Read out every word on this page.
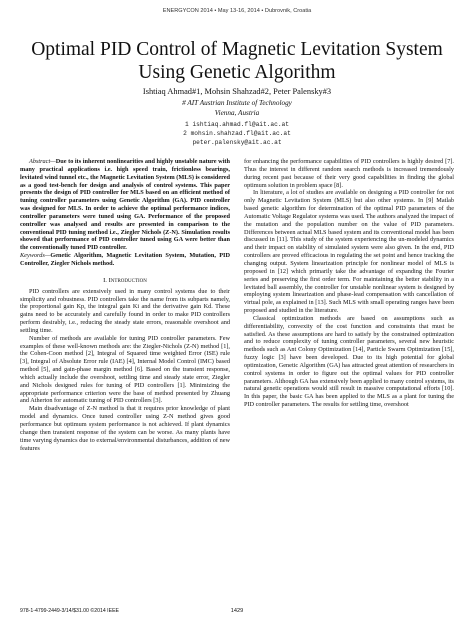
ENERGYCON 2014 • May 13-16, 2014 • Dubrovnik, Croatia
Optimal PID Control of Magnetic Levitation System
Using Genetic Algorithm
Ishtiaq Ahmad#1, Mohsin Shahzad#2, Peter Palensky#3
# AIT Austrian Institute of Technology
Vienna, Austria
1 ishtiaq.ahmad.fl@ait.ac.at
2 mohsin.shahzad.fl@ait.ac.at
peter.palensky@ait.ac.at

Abstract—Due to its inherent nonlinearities and highly unstable nature with many practical applications i.e. high speed train, frictionless bearings, levitated wind tunnel etc., the Magnetic Levitation System (MLS) is considered as a good test-bench for design and analysis of control systems. This paper presents the design of PID controller for MLS based on an efficient method of tuning controller parameters using Genetic Algorithm (GA). PID controller was designed for MLS. In order to achieve the optimal performance indices, controller parameters were tuned using GA. Performance of the proposed controller was analysed and results are presented in comparison to the conventional PID tuning method i.e., Ziegler Nichols (Z-N). Simulation results showed that performance of PID controller tuned using GA were better than the conventionally tuned PID controller.

Keywords—Genetic Algorithm, Magnetic Levitation System, Mutation, PID Controller, Ziegler Nichols method.

I. Introduction

PID controllers are extensively used in many control systems due to their simplicity and robustness. PID controllers take the name from its subparts namely, the proportional gain Kp, the integral gain Ki and the derivative gain Kd. These gains need to be accurately and carefully found in order to make PID controllers perform desirably, i.e., reducing the steady state errors, reasonable overshoot and settling time.

Number of methods are available for tuning PID controller parameters. Few examples of these well-known methods are: the Ziegler-Nichols (Z-N) method [1], the Cohen-Coon method [2], Integral of Squared time weighted Error (ISE) rule [3], Integral of Absolute Error rule (IAE) [4], Internal Model Control (IMC) based method [5], and gain-phase margin method [6]. Based on the transient response, which actually include the overshoot, settling time and steady state error, Ziegler and Nichols designed rules for tuning of PID controllers [1]. Minimizing the appropriate performance criterion were the base of method presented by Zhuang and Atherton for automatic tuning of PID controllers [3].

Main disadvantage of Z-N method is that it requires prior knowledge of plant model and dynamics. Once tuned controller using Z-N method gives good performance but optimum system performance is not achieved. If plant dynamics change then transient response of the system can be worse. As many plants have time varying dynamics due to external/environmental disturbances, addition of new features

for enhancing the performance capabilities of PID controllers is highly desired [7]. Thus the interest in different random search methods is increased tremendously during recent past because of their very good capabilities in finding the global optimum solution in problem space [8].

In literature, a lot of studies are available on designing a PID controller for not only Magnetic Levitation System (MLS) but also other systems. In [9] Matlab based genetic algorithm for determination of the optimal PID parameters of the Automatic Voltage Regulator systems was used. The authors analyzed the impact of the mutation and the population number on the value of PID parameters. Differences between actual MLS based system and its conventional model has been discussed in [11]. This study of the system experiencing the un-modeled dynamics and their impact on stability of simulated system were also given. In the end, PID controllers are proved efficacious in regulating the set point and hence tracking the changing output. System linearization principle for nonlinear model of MLS is proposed in [12] which primarily take the advantage of expanding the Fourier series and preserving the first order term. For maintaining the better stability in a levitated ball assembly, the controller for unstable nonlinear system is designed by employing system linearization and phase-lead compensation with cancellation of virtual pole, as explained in [13]. Such MLS with small operating ranges have been proposed and studied in the literature.

Classical optimization methods are based on assumptions such as differentiability, convexity of the cost function and constraints that must be satisfied. As these assumptions are hard to satisfy by the constrained optimization and to reduce complexity of tuning controller parameters, several new heuristic methods such as Ant Colony Optimization [14], Particle Swarm Optimization [15], fuzzy logic [3] have been developed. Due to its high potential for global optimization, Genetic Algorithm (GA) has attracted great attention of researchers in control systems in order to figure out the optimal values for PID controller parameters. Although GA has extensively been applied to many control systems, its natural genetic operations would still result in massive computational efforts [10]. In this paper, the basic GA has been applied to the MLS as a plant for tuning the PID controller parameters. The results for settling time, overshoot

978-1-4799-2449-3/14/$31.00 ©2014 IEEE	1429
